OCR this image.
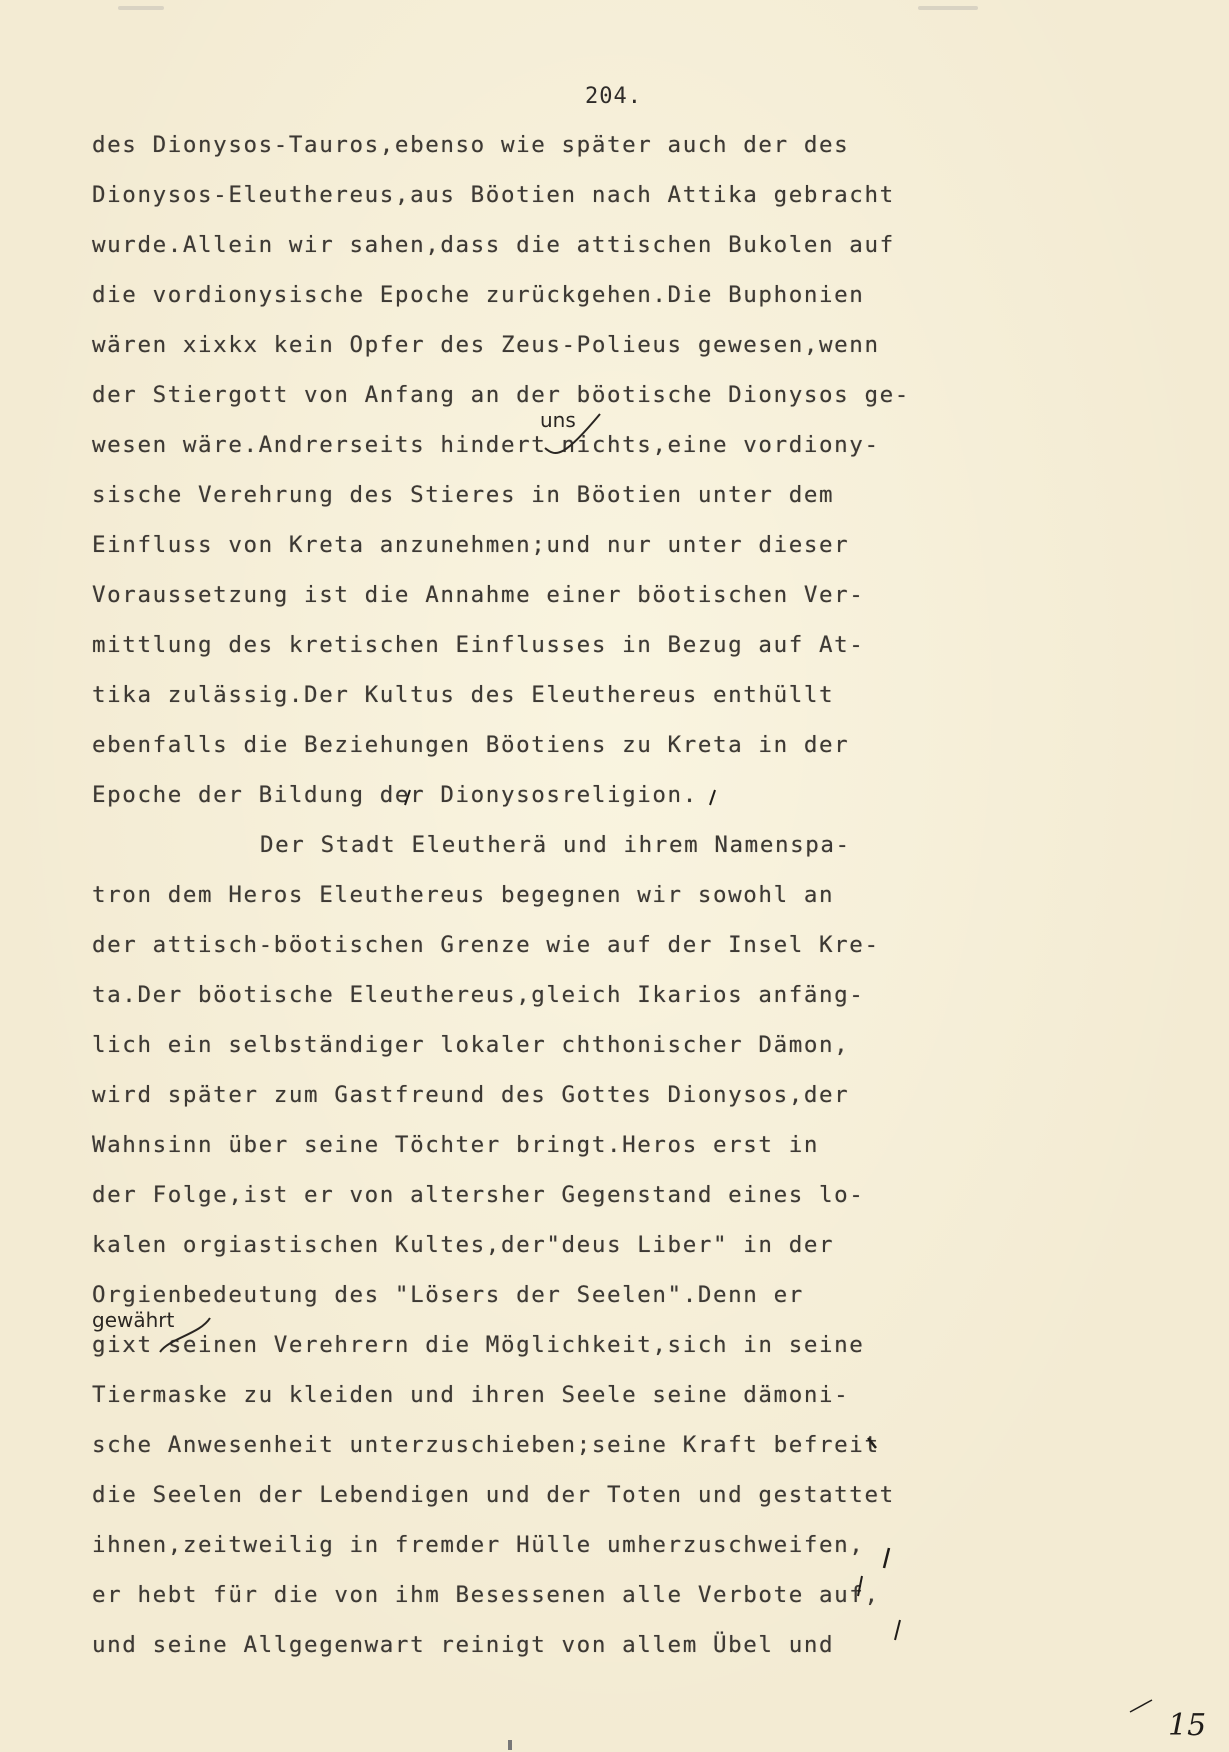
204.
des Dionysos-Tauros,ebenso wie später auch der des
Dionysos-Eleuthereus,aus Böotien nach Attika gebracht
wurde.Allein wir sahen,dass die attischen Bukolen auf
die vordionysische Epoche zurückgehen.Die Buphonien
wären xixkx kein Opfer des Zeus-Polieus gewesen,wenn
der Stiergott von Anfang an der böotische Dionysos ge-
wesen wäre.Andrerseits hindert nichts,eine vordiony-
sische Verehrung des Stieres in Böotien unter dem
Einfluss von Kreta anzunehmen;und nur unter dieser
Voraussetzung ist die Annahme einer böotischen Ver-
mittlung des kretischen Einflusses in Bezug auf At-
tika zulässig.Der Kultus des Eleuthereus enthüllt
ebenfalls die Beziehungen Böotiens zu Kreta in der
Epoche der Bildung der Dionysosreligion.
Der Stadt Eleutherä und ihrem Namenspa-
tron dem Heros Eleuthereus begegnen wir sowohl an
der attisch-böotischen Grenze wie auf der Insel Kre-
ta.Der böotische Eleuthereus,gleich Ikarios anfäng-
lich ein selbständiger lokaler chthonischer Dämon,
wird später zum Gastfreund des Gottes Dionysos,der
Wahnsinn über seine Töchter bringt.Heros erst in
der Folge,ist er von altersher Gegenstand eines lo-
kalen orgiastischen Kultes,der"deus Liber" in der
Orgienbedeutung des "Lösers der Seelen".Denn er
gixt seinen Verehrern die Möglichkeit,sich in seine
Tiermaske zu kleiden und ihren Seele seine dämoni-
sche Anwesenheit unterzuschieben;seine Kraft befreit
die Seelen der Lebendigen und der Toten und gestattet
ihnen,zeitweilig in fremder Hülle umherzuschweifen,
er hebt für die von ihm Besessenen alle Verbote auf,
und seine Allgegenwart reinigt von allem Übel und
uns
gewährt
15
